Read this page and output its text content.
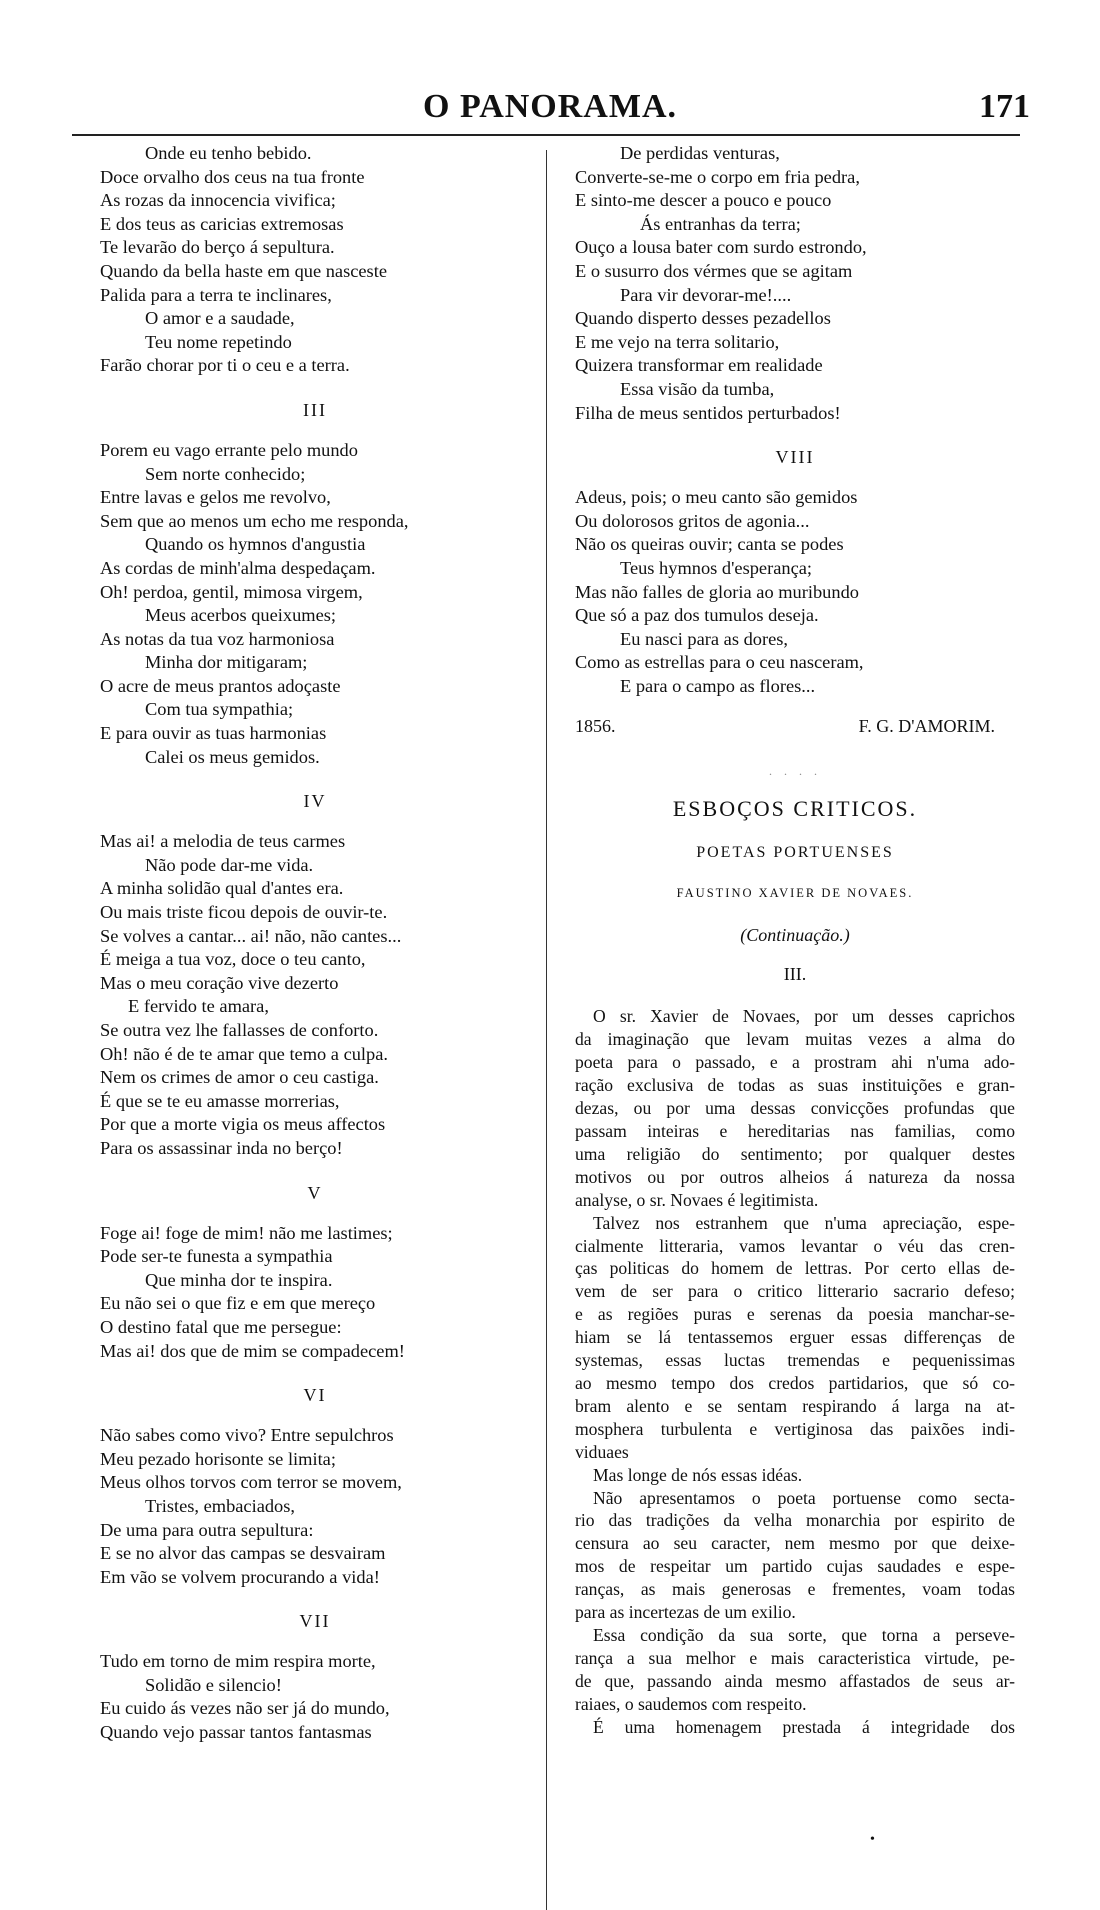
O PANORAMA.	171
Onde eu tenho bebido.
Doce orvalho dos ceus na tua fronte
As rozas da innocencia vivifica;
E dos teus as caricias extremosas
Te levarão do berço á sepultura.
Quando da bella haste em que nasceste
Palida para a terra te inclinares,
O amor e a saudade,
Teu nome repetindo
Farão chorar por ti o ceu e a terra.
III
Porem eu vago errante pelo mundo
Sem norte conhecido;
Entre lavas e gelos me revolvo,
Sem que ao menos um echo me responda,
Quando os hymnos d'angustia
As cordas de minh'alma despedaçam.
Oh! perdoa, gentil, mimosa virgem,
Meus acerbos queixumes;
As notas da tua voz harmoniosa
Minha dor mitigaram;
O acre de meus prantos adoçaste
Com tua sympathia;
E para ouvir as tuas harmonias
Calei os meus gemidos.
IV
Mas ai! a melodia de teus carmes
Não pode dar-me vida.
A minha solidão qual d'antes era.
Ou mais triste ficou depois de ouvir-te.
Se volves a cantar... ai! não, não cantes...
É meiga a tua voz, doce o teu canto,
Mas o meu coração vive dezerto
E fervido te amara,
Se outra vez lhe fallasses de conforto.
Oh! não é de te amar que temo a culpa.
Nem os crimes de amor o ceu castiga.
É que se te eu amasse morrerias,
Por que a morte vigia os meus affectos
Para os assassinar inda no berço!
V
Foge ai! foge de mim! não me lastimes;
Pode ser-te funesta a sympathia
Que minha dor te inspira.
Eu não sei o que fiz e em que mereço
O destino fatal que me persegue:
Mas ai! dos que de mim se compadecem!
VI
Não sabes como vivo? Entre sepulchros
Meu pezado horisonte se limita;
Meus olhos torvos com terror se movem,
Tristes, embaciados,
De uma para outra sepultura:
E se no alvor das campas se desvairam
Em vão se volvem procurando a vida!
VII
Tudo em torno de mim respira morte,
Solidão e silencio!
Eu cuido ás vezes não ser já do mundo,
Quando vejo passar tantos fantasmas
De perdidas venturas,
Converte-se-me o corpo em fria pedra,
E sinto-me descer a pouco e pouco
Ás entranhas da terra;
Ouço a lousa bater com surdo estrondo,
E o susurro dos vérmes que se agitam
Para vir devorar-me!....
Quando disperto desses pezadellos
E me vejo na terra solitario,
Quizera transformar em realidade
Essa visão da tumba,
Filha de meus sentidos perturbados!
VIII
Adeus, pois; o meu canto são gemidos
Ou dolorosos gritos de agonia...
Não os queiras ouvir; canta se podes
Teus hymnos d'esperança;
Mas não falles de gloria ao muribundo
Que só a paz dos tumulos deseja.
Eu nasci para as dores,
Como as estrellas para o ceu nasceram,
E para o campo as flores...
1856.	F. G. D'AMORIM.
· · · ·
ESBOÇOS CRITICOS.
POETAS PORTUENSES
FAUSTINO XAVIER DE NOVAES.
(Continuação.)
III.
O sr. Xavier de Novaes, por um desses caprichos
da imaginação que levam muitas vezes a alma do
poeta para o passado, e a prostram ahi n'uma ado-
ração exclusiva de todas as suas instituições e gran-
dezas, ou por uma dessas convicções profundas que
passam inteiras e hereditarias nas familias, como
uma religião do sentimento; por qualquer destes
motivos ou por outros alheios á natureza da nossa
analyse, o sr. Novaes é legitimista.
Talvez nos estranhem que n'uma apreciação, espe-
cialmente litteraria, vamos levantar o véu das cren-
ças politicas do homem de lettras. Por certo ellas de-
vem de ser para o critico litterario sacrario defeso;
e as regiões puras e serenas da poesia manchar-se-
hiam se lá tentassemos erguer essas differenças de
systemas, essas luctas tremendas e pequenissimas
ao mesmo tempo dos credos partidarios, que só co-
bram alento e se sentam respirando á larga na at-
mosphera turbulenta e vertiginosa das paixões indi-
viduaes
Mas longe de nós essas idéas.
Não apresentamos o poeta portuense como secta-
rio das tradições da velha monarchia por espirito de
censura ao seu caracter, nem mesmo por que deixe-
mos de respeitar um partido cujas saudades e espe-
ranças, as mais generosas e frementes, voam todas
para as incertezas de um exilio.
Essa condição da sua sorte, que torna a perseve-
rança a sua melhor e mais caracteristica virtude, pe-
de que, passando ainda mesmo affastados de seus ar-
raiaes, o saudemos com respeito.
É uma homenagem prestada á integridade dos
•
